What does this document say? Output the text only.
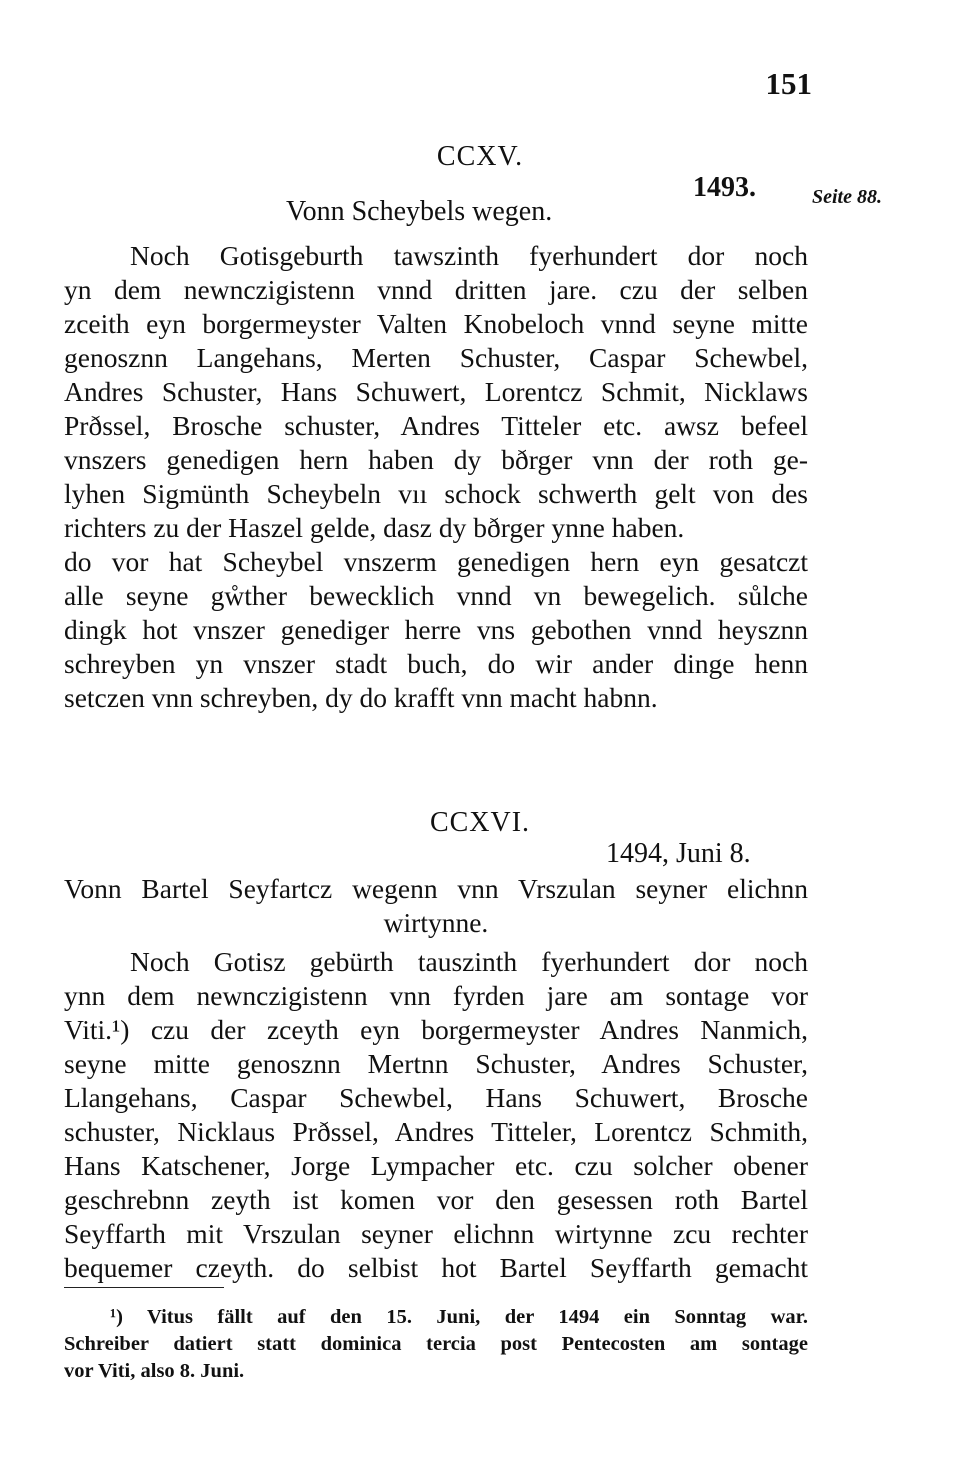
151
CCXV.
1493.	Seite 88.
Vonn Scheybels wegen.
Noch Gotisgeburth tawszinth fyerhundert dor noch
yn dem newnczigistenn vnnd dritten jare. czu der selben
zceith eyn borgermeyster Valten Knobeloch vnnd seyne mitte
genosznn Langehans, Merten Schuster, Caspar Schewbel,
Andres Schuster, Hans Schuwert, Lorentcz Schmit, Nicklaws
Prðssel, Brosche schuster, Andres Titteler etc. awsz befeel
vnszers genedigen hern haben dy bðrger vnn der roth ge-
lyhen Sigmünth Scheybeln vıı schock schwerth gelt von des
richters zu der Haszel gelde, dasz dy bðrger ynne haben.
do vor hat Scheybel vnszerm genedigen hern eyn gesatczt
alle seyne gẘther bewecklich vnnd vn bewegelich. sůlche
dingk hot vnszer genediger herre vns gebothen vnnd heysznn
schreyben yn vnszer stadt buch, do wir ander dinge henn
setczen vnn schreyben, dy do krafft vnn macht habnn.
CCXVI.
1494, Juni 8.
Vonn Bartel Seyfartcz wegenn vnn Vrszulan seyner elichnn
wirtynne.
Noch Gotisz gebürth tauszinth fyerhundert dor noch
ynn dem newnczigistenn vnn fyrden jare am sontage vor
Viti.¹) czu der zceyth eyn borgermeyster Andres Nanmich,
seyne mitte genosznn Mertnn Schuster, Andres Schuster,
Llangehans, Caspar Schewbel, Hans Schuwert, Brosche
schuster, Nicklaus Prðssel, Andres Titteler, Lorentcz Schmith,
Hans Katschener, Jorge Lympacher etc. czu solcher obener
geschrebnn zeyth ist komen vor den gesessen roth Bartel
Seyffarth mit Vrszulan seyner elichnn wirtynne zcu rechter
bequemer czeyth. do selbist hot Bartel Seyffarth gemacht
¹) Vitus fällt auf den 15. Juni, der 1494 ein Sonntag war.
Schreiber datiert statt dominica tercia post Pentecosten am sontage
vor Viti, also 8. Juni.
